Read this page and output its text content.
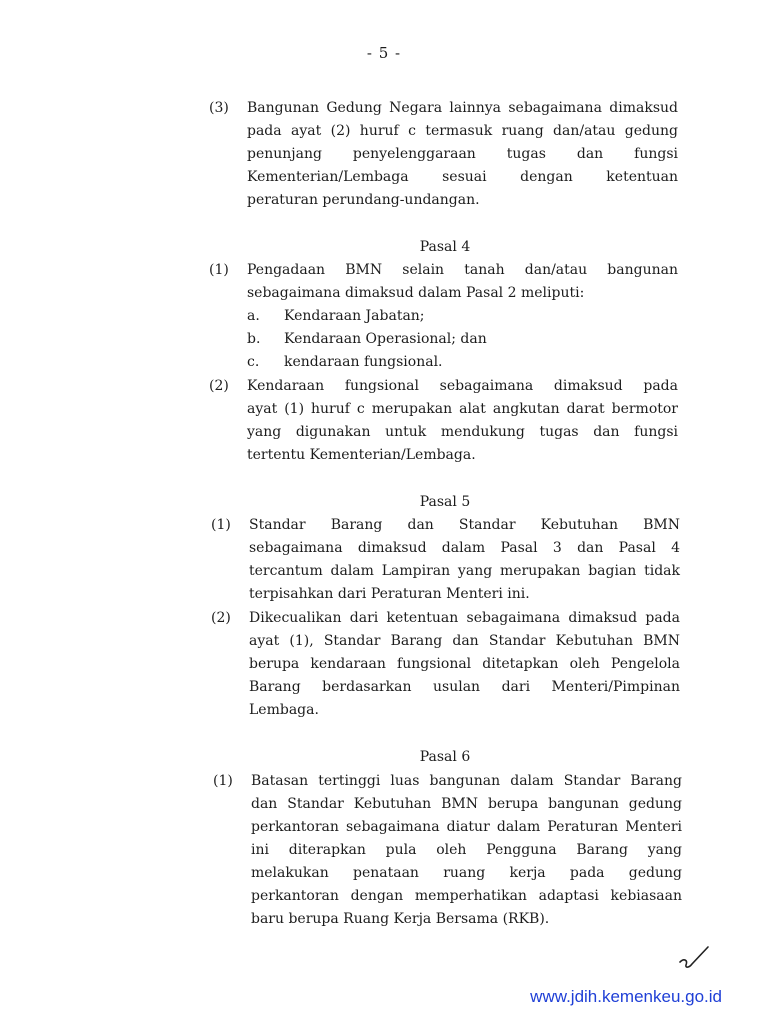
- 5 -
(3) Bangunan Gedung Negara lainnya sebagaimana dimaksud
pada ayat (2) huruf c termasuk ruang dan/atau gedung
penunjang penyelenggaraan tugas dan fungsi
Kementerian/Lembaga sesuai dengan ketentuan
peraturan perundang-undangan.
Pasal 4
(1) Pengadaan BMN selain tanah dan/atau bangunan
sebagaimana dimaksud dalam Pasal 2 meliputi:
a. Kendaraan Jabatan;
b. Kendaraan Operasional; dan
c. kendaraan fungsional.
(2) Kendaraan fungsional sebagaimana dimaksud pada
ayat (1) huruf c merupakan alat angkutan darat bermotor
yang digunakan untuk mendukung tugas dan fungsi
tertentu Kementerian/Lembaga.
Pasal 5
(1) Standar Barang dan Standar Kebutuhan BMN
sebagaimana dimaksud dalam Pasal 3 dan Pasal 4
tercantum dalam Lampiran yang merupakan bagian tidak
terpisahkan dari Peraturan Menteri ini.
(2) Dikecualikan dari ketentuan sebagaimana dimaksud pada
ayat (1), Standar Barang dan Standar Kebutuhan BMN
berupa kendaraan fungsional ditetapkan oleh Pengelola
Barang berdasarkan usulan dari Menteri/Pimpinan
Lembaga.
Pasal 6
(1) Batasan tertinggi luas bangunan dalam Standar Barang
dan Standar Kebutuhan BMN berupa bangunan gedung
perkantoran sebagaimana diatur dalam Peraturan Menteri
ini diterapkan pula oleh Pengguna Barang yang
melakukan penataan ruang kerja pada gedung
perkantoran dengan memperhatikan adaptasi kebiasaan
baru berupa Ruang Kerja Bersama (RKB).
www.jdih.kemenkeu.go.id
